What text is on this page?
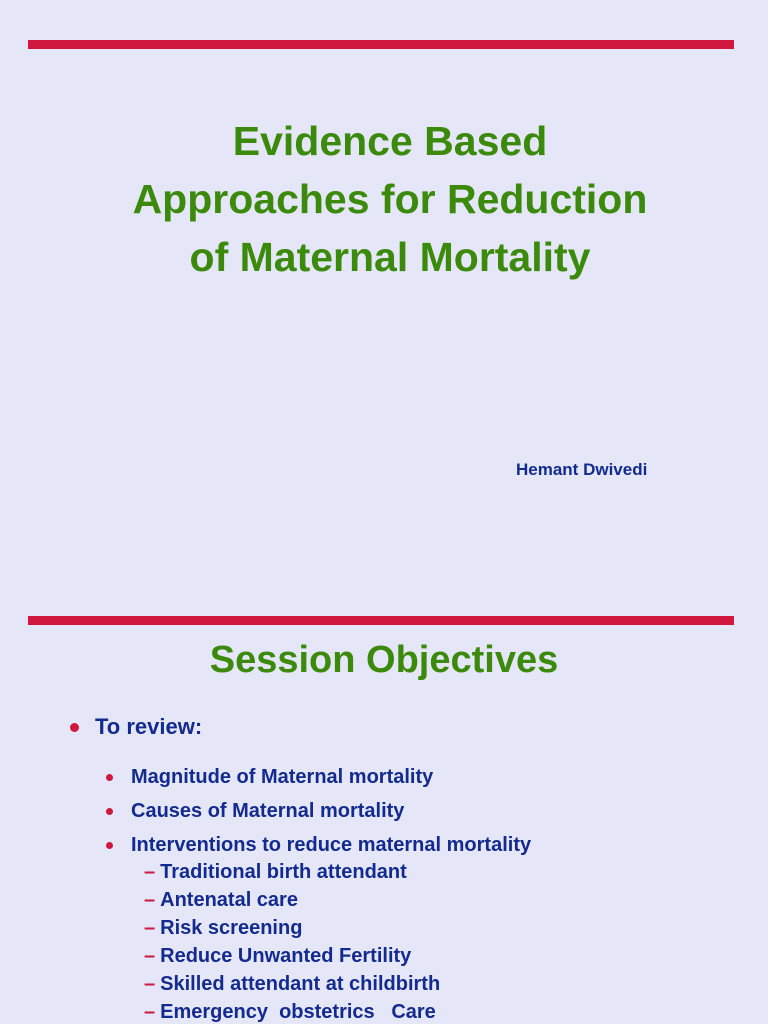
Evidence Based
Approaches for Reduction
of Maternal Mortality
Hemant Dwivedi
Session Objectives
To review:
Magnitude of Maternal mortality
Causes of Maternal mortality
Interventions to reduce maternal mortality
– Traditional birth attendant
– Antenatal care
– Risk screening
– Reduce Unwanted Fertility
– Skilled attendant at childbirth
– Emergency  obstetrics   Care
